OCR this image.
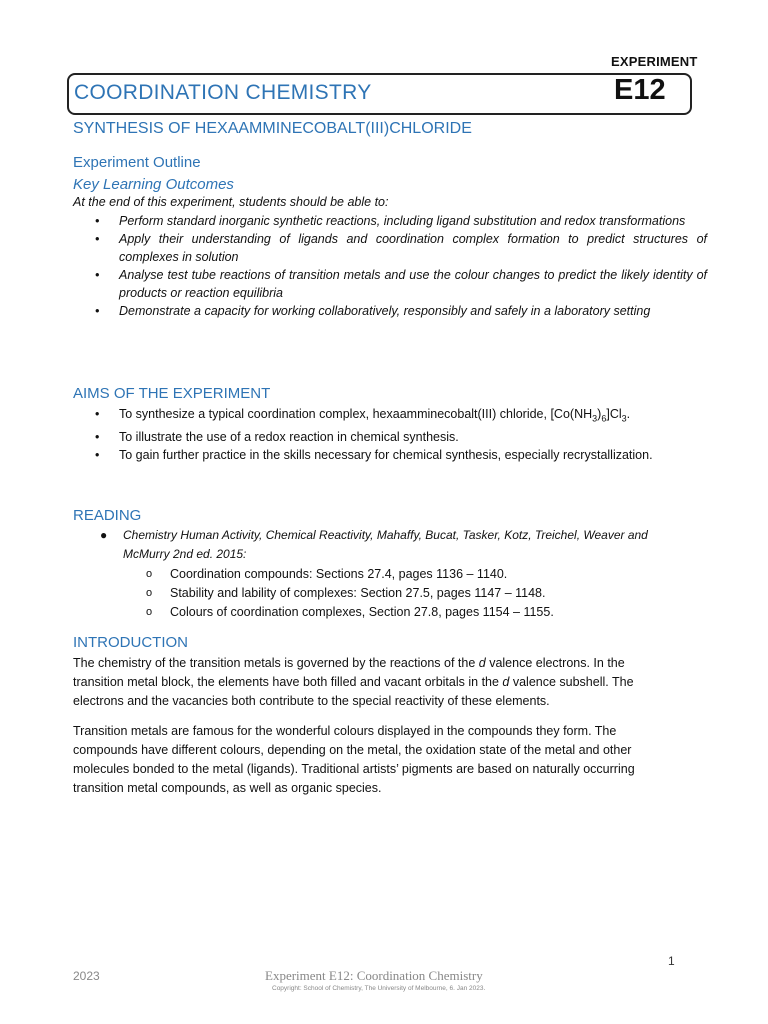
EXPERIMENT
COORDINATION CHEMISTRY	E12
SYNTHESIS OF HEXAAMMINECOBALT(III)CHLORIDE
Experiment Outline
Key Learning Outcomes
At the end of this experiment, students should be able to:
• Perform standard inorganic synthetic reactions, including ligand substitution and redox transformations
• Apply their understanding of ligands and coordination complex formation to predict structures of complexes in solution
• Analyse test tube reactions of transition metals and use the colour changes to predict the likely identity of products or reaction equilibria
• Demonstrate a capacity for working collaboratively, responsibly and safely in a laboratory setting
AIMS OF THE EXPERIMENT
• To synthesize a typical coordination complex, hexaamminecobalt(III) chloride, $[Co(NH_3)_6]Cl_3$.
• To illustrate the use of a redox reaction in chemical synthesis.
• To gain further practice in the skills necessary for chemical synthesis, especially recrystallization.
READING
●	Chemistry Human Activity, Chemical Reactivity, Mahaffy, Bucat, Tasker, Kotz, Treichel, Weaver and McMurry 2nd ed. 2015:
o Coordination compounds: Sections 27.4, pages 1136 – 1140.
o Stability and lability of complexes: Section 27.5, pages 1147 – 1148.
o Colours of coordination complexes, Section 27.8, pages 1154 – 1155.
INTRODUCTION
The chemistry of the transition metals is governed by the reactions of the d valence electrons. In the transition metal block, the elements have both filled and vacant orbitals in the d valence subshell. The electrons and the vacancies both contribute to the special reactivity of these elements.
Transition metals are famous for the wonderful colours displayed in the compounds they form. The compounds have different colours, depending on the metal, the oxidation state of the metal and other molecules bonded to the metal (ligands). Traditional artists’ pigments are based on naturally occurring transition metal compounds, as well as organic species.
1
2023	Experiment E12: Coordination Chemistry
Copyright: School of Chemistry, The University of Melbourne, 6. Jan 2023.
